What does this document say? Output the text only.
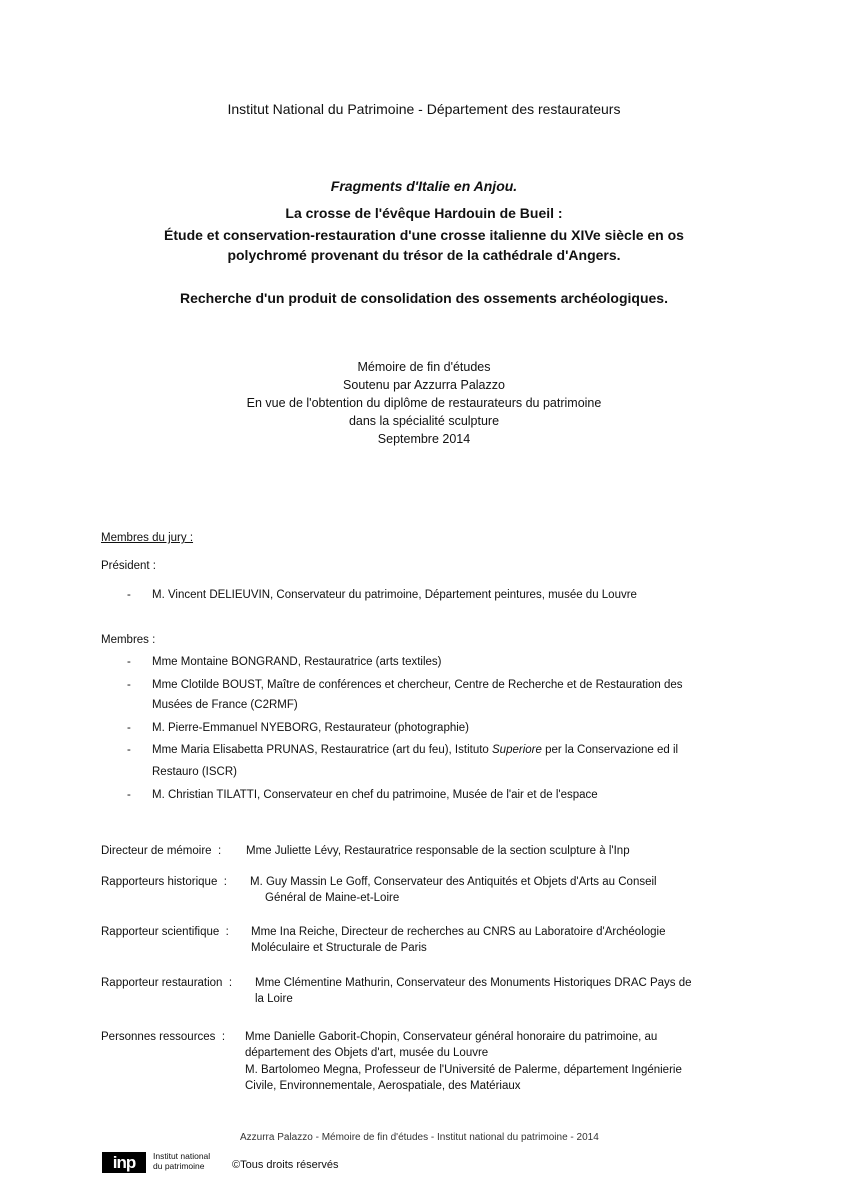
Institut National du Patrimoine - Département des restaurateurs
Fragments d'Italie en Anjou.
La crosse de l'évêque Hardouin de Bueil :
Étude et conservation-restauration d'une crosse italienne du XIVe siècle en os
polychromé provenant du trésor de la cathédrale d'Angers.
Recherche d'un produit de consolidation des ossements archéologiques.
Mémoire de fin d'études
Soutenu par Azzurra Palazzo
En vue de l'obtention du diplôme de restaurateurs du patrimoine
dans la spécialité sculpture
Septembre 2014
Membres du jury :
Président :
- M. Vincent DELIEUVIN, Conservateur du patrimoine, Département peintures, musée du Louvre
Membres :
- Mme Montaine BONGRAND, Restauratrice (arts textiles)
- Mme Clotilde BOUST, Maître de conférences et chercheur, Centre de Recherche et de Restauration des
Musées de France (C2RMF)
- M. Pierre-Emmanuel NYEBORG, Restaurateur (photographie)
- Mme Maria Elisabetta PRUNAS, Restauratrice (art du feu), Istituto Superiore per la Conservazione ed il
Restauro (ISCR)
- M. Christian TILATTI, Conservateur en chef du patrimoine, Musée de l'air et de l'espace
Directeur de mémoire : Mme Juliette Lévy, Restauratrice responsable de la section sculpture à l'Inp
Rapporteurs historique : M. Guy Massin Le Goff, Conservateur des Antiquités et Objets d'Arts au Conseil
Général de Maine-et-Loire
Rapporteur scientifique : Mme Ina Reiche, Directeur de recherches au CNRS au Laboratoire d'Archéologie
Moléculaire et Structurale de Paris
Rapporteur restauration : Mme Clémentine Mathurin, Conservateur des Monuments Historiques DRAC Pays de
la Loire
Personnes ressources : Mme Danielle Gaborit-Chopin, Conservateur général honoraire du patrimoine, au
département des Objets d'art, musée du Louvre
M. Bartolomeo Megna, Professeur de l'Université de Palerme, département Ingénierie
Civile, Environnementale, Aerospatiale, des Matériaux
Azzurra Palazzo - Mémoire de fin d'études - Institut national du patrimoine - 2014
inp	Institut national
du patrimoine	©Tous droits réservés
